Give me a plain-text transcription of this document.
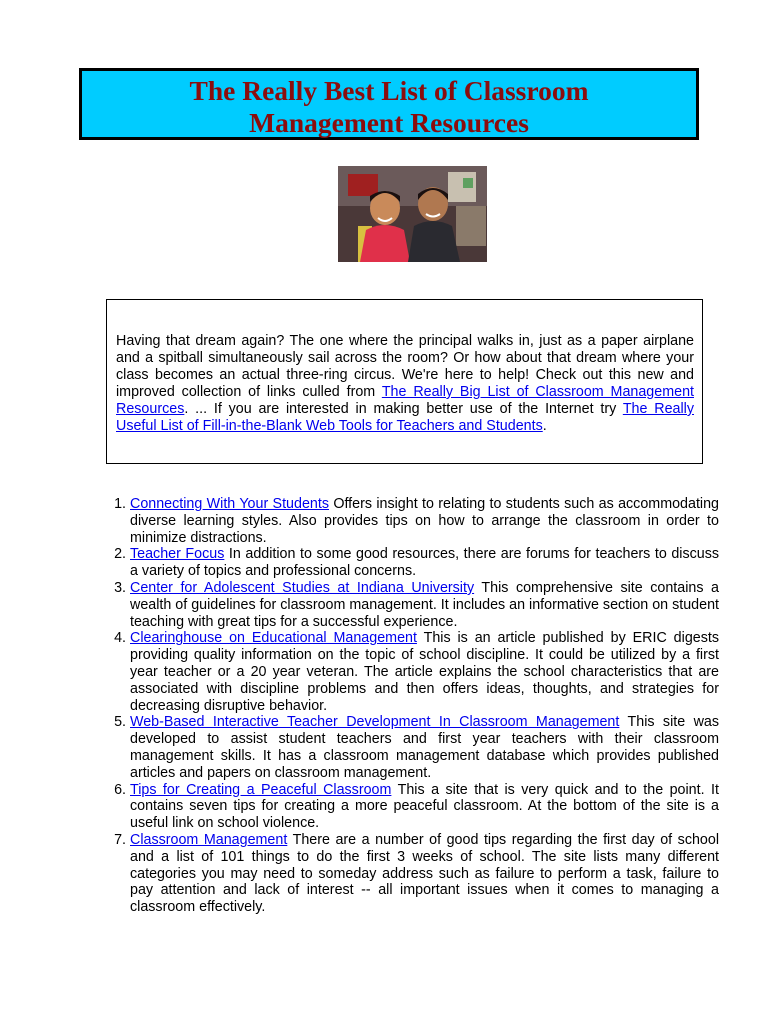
The Really Best List of Classroom
Management Resources

Having that dream again? The one where the principal walks in, just as a paper airplane and a spitball simultaneously sail across the room? Or how about that dream where your class becomes an actual three-ring circus. We're here to help! Check out this new and improved collection of links culled from The Really Big List of Classroom Management Resources. ... If you are interested in making better use of the Internet try The Really Useful List of Fill-in-the-Blank Web Tools for Teachers and Students.

1. Connecting With Your Students Offers insight to relating to students such as accommodating diverse learning styles. Also provides tips on how to arrange the classroom in order to minimize distractions.
2. Teacher Focus In addition to some good resources, there are forums for teachers to discuss a variety of topics and professional concerns.
3. Center for Adolescent Studies at Indiana University This comprehensive site contains a wealth of guidelines for classroom management. It includes an informative section on student teaching with great tips for a successful experience.
4. Clearinghouse on Educational Management This is an article published by ERIC digests providing quality information on the topic of school discipline. It could be utilized by a first year teacher or a 20 year veteran. The article explains the school characteristics that are associated with discipline problems and then offers ideas, thoughts, and strategies for decreasing disruptive behavior.
5. Web-Based Interactive Teacher Development In Classroom Management This site was developed to assist student teachers and first year teachers with their classroom management skills. It has a classroom management database which provides published articles and papers on classroom management.
6. Tips for Creating a Peaceful Classroom This a site that is very quick and to the point. It contains seven tips for creating a more peaceful classroom. At the bottom of the site is a useful link on school violence.
7. Classroom Management There are a number of good tips regarding the first day of school and a list of 101 things to do the first 3 weeks of school. The site lists many different categories you may need to someday address such as failure to perform a task, failure to pay attention and lack of interest -- all important issues when it comes to managing a classroom effectively.
